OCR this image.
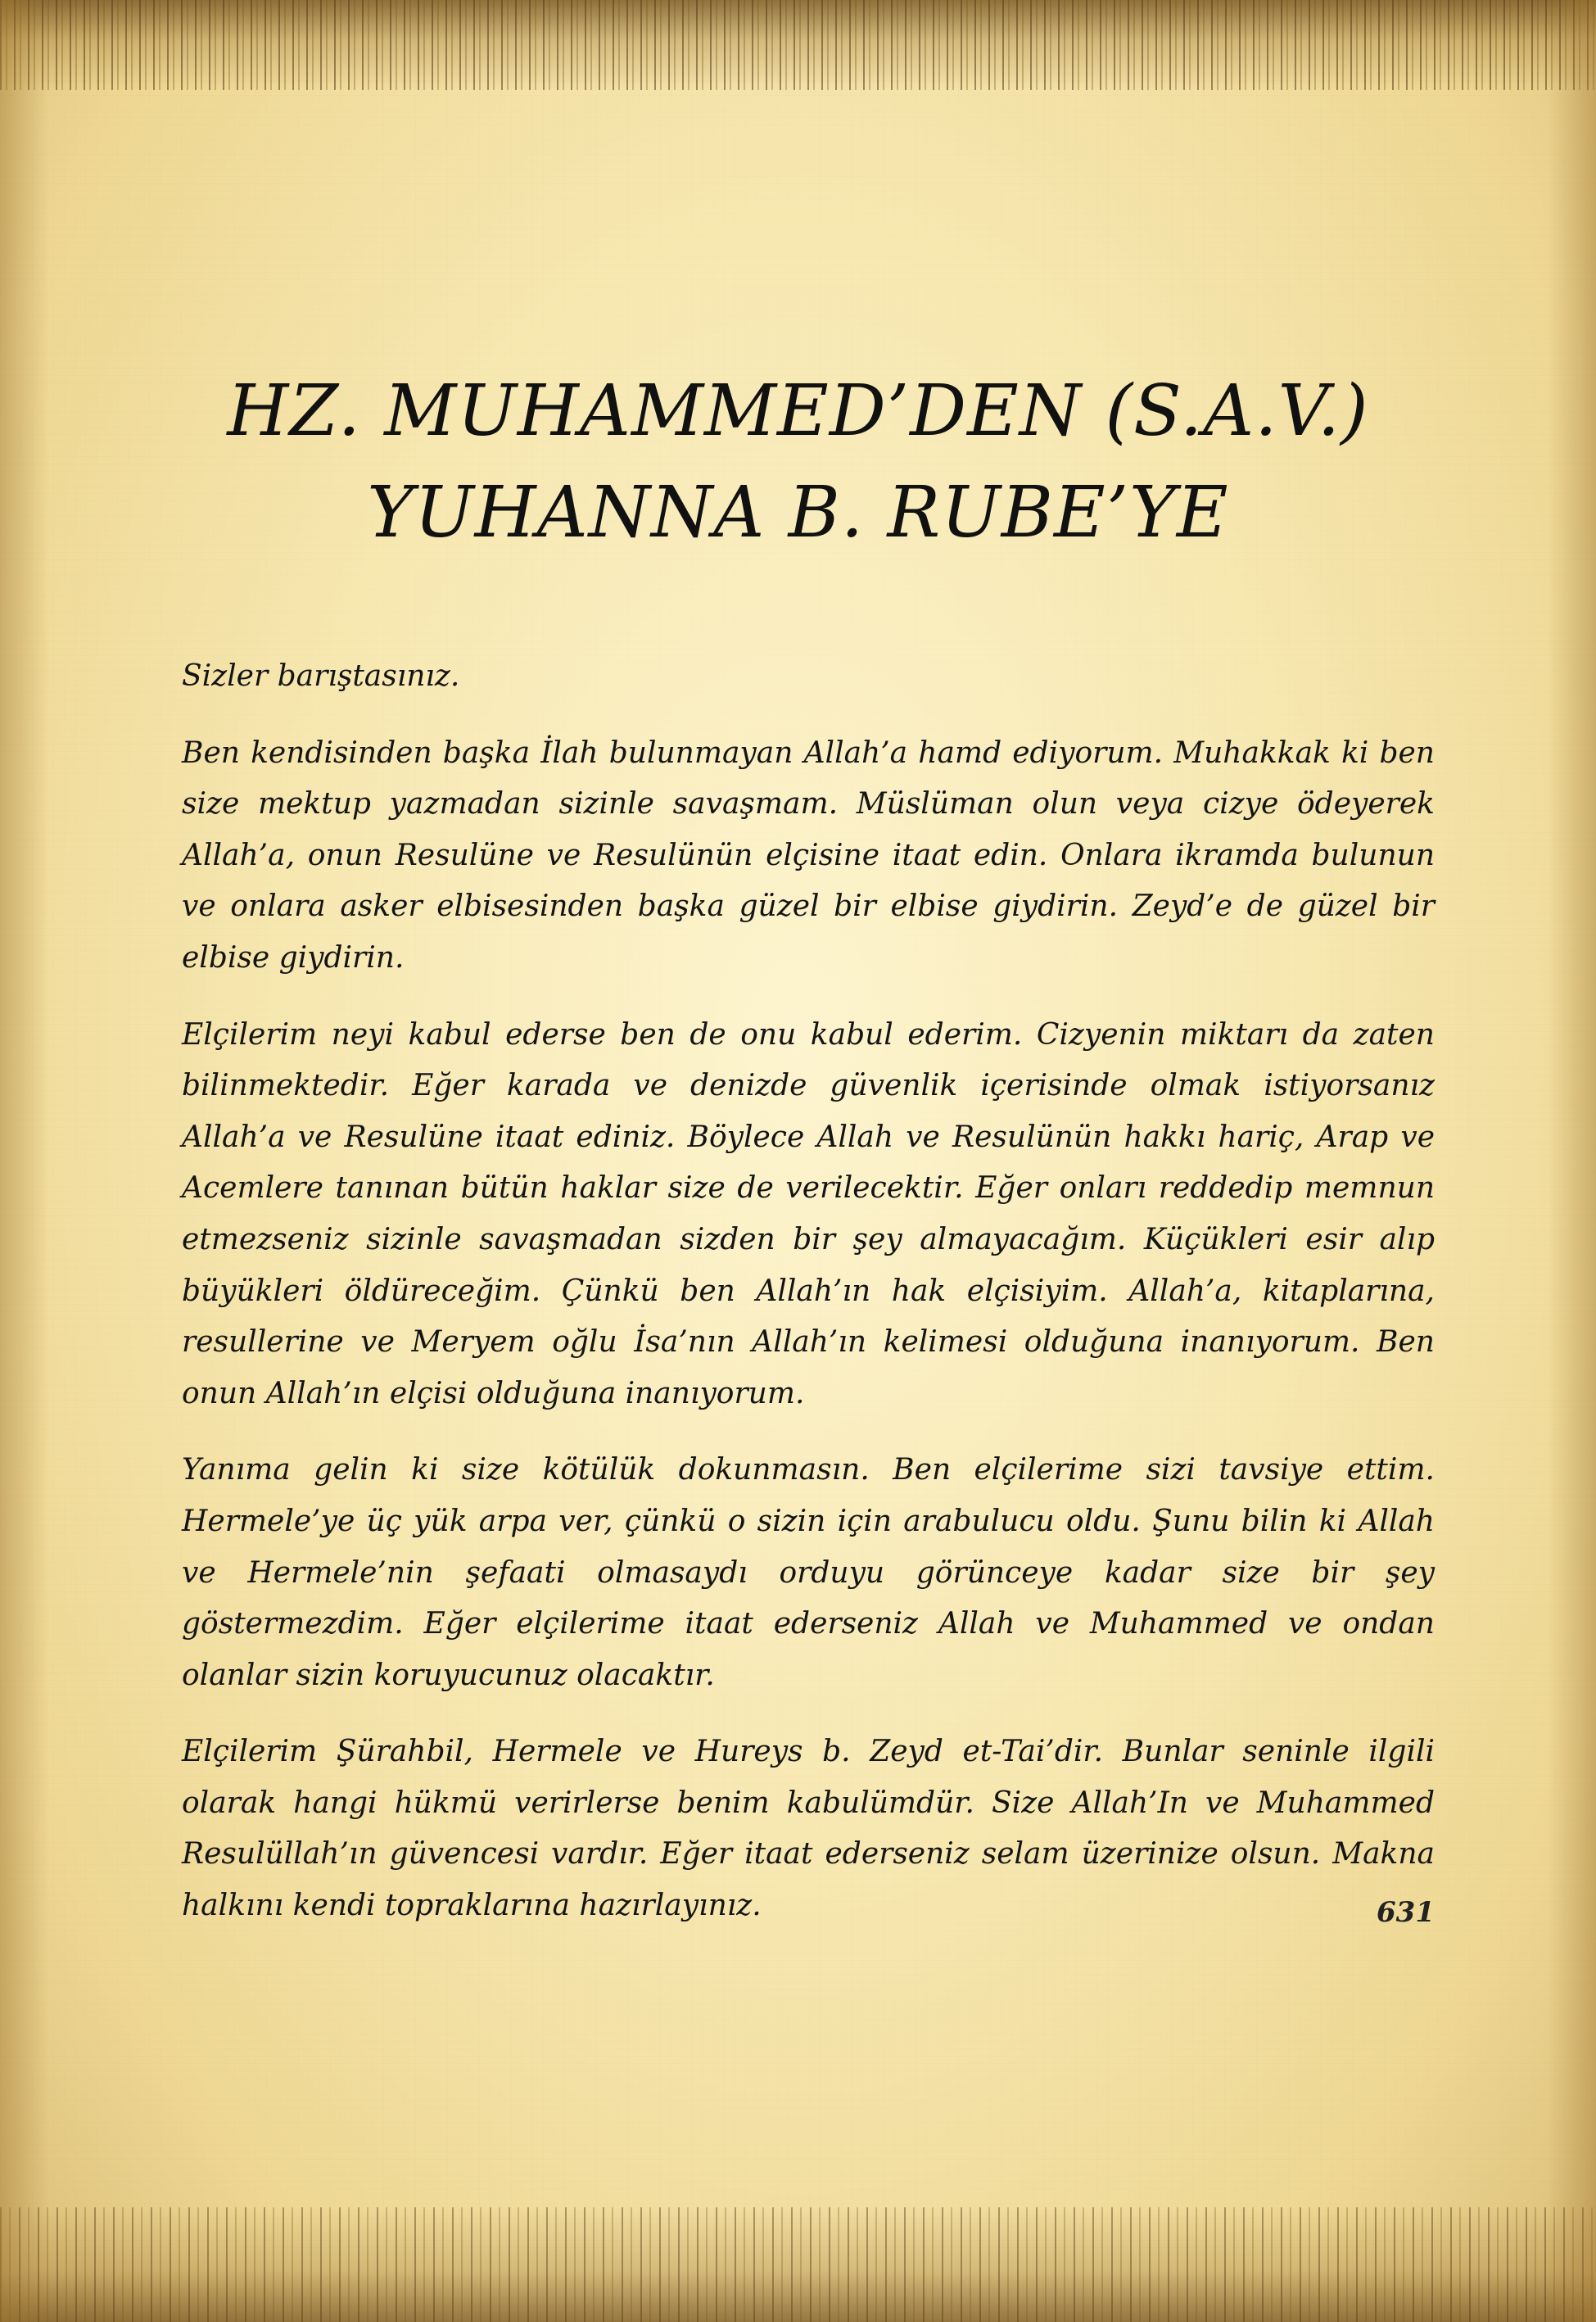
HZ. MUHAMMED’DEN (S.A.V.)
YUHANNA B. RUBE’YE

Sizler barıştasınız.

Ben kendisinden başka İlah bulunmayan Allah’a hamd ediyorum. Muhakkak ki ben size mektup yazmadan sizinle savaşmam. Müslüman olun veya cizye ödeyerek Allah’a, onun Resulüne ve Resulünün elçisine itaat edin. Onlara ikramda bulunun ve onlara asker elbisesinden başka güzel bir elbise giydirin. Zeyd’e de güzel bir elbise giydirin.

Elçilerim neyi kabul ederse ben de onu kabul ederim. Cizyenin miktarı da zaten bilinmektedir. Eğer karada ve denizde güvenlik içerisinde olmak istiyorsanız Allah’a ve Resulüne itaat ediniz. Böylece Allah ve Resulünün hakkı hariç, Arap ve Acemlere tanınan bütün haklar size de verilecektir. Eğer onları reddedip memnun etmezseniz sizinle savaşmadan sizden bir şey almayacağım. Küçükleri esir alıp büyükleri öldüreceğim. Çünkü ben Allah’ın hak elçisiyim. Allah’a, kitaplarına, resullerine ve Meryem oğlu İsa’nın Allah’ın kelimesi olduğuna inanıyorum. Ben onun Allah’ın elçisi olduğuna inanıyorum.

Yanıma gelin ki size kötülük dokunmasın. Ben elçilerime sizi tavsiye ettim. Hermele’ye üç yük arpa ver, çünkü o sizin için arabulucu oldu. Şunu bilin ki Allah ve Hermele’nin şefaati olmasaydı orduyu görünceye kadar size bir şey göstermezdim. Eğer elçilerime itaat ederseniz Allah ve Muhammed ve ondan olanlar sizin koruyucunuz olacaktır.

Elçilerim Şürahbil, Hermele ve Hureys b. Zeyd et-Tai’dir. Bunlar seninle ilgili olarak hangi hükmü verirlerse benim kabulümdür. Size Allah’In ve Muhammed Resulüllah’ın güvencesi vardır. Eğer itaat ederseniz selam üzerinize olsun. Makna halkını kendi topraklarına hazırlayınız.	631
